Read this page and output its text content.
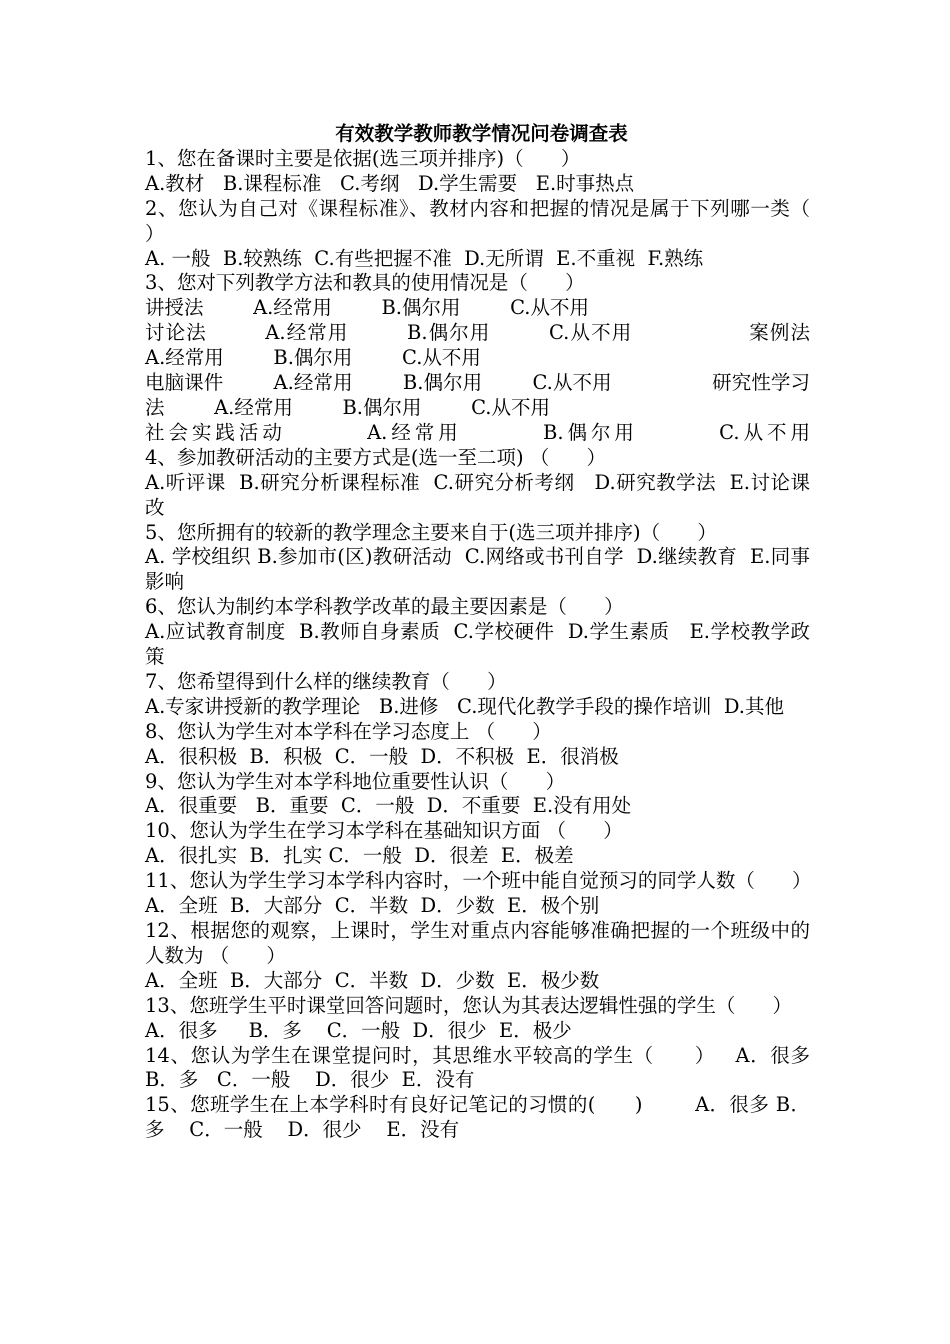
有效教学教师教学情况问卷调查表

1、您在备课时主要是依据(选三项并排序)（      ）

A.教材   B.课程标准   C.考纲   D.学生需要   E.时事热点

2、您认为自己对《课程标准》、教材内容和把握的情况是属于下列哪一类（      ）

A. 一般  B.较熟练  C.有些把握不准  D.无所谓  E.不重视  F.熟练

3、您对下列教学方法和教具的使用情况是（      ）

讲授法        A.经常用        B.偶尔用        C.从不用

讨论法        A.经常用        B.偶尔用        C.从不用                案例法        A.经常用        B.偶尔用        C.从不用

电脑课件        A.经常用        B.偶尔用        C.从不用                研究性学习法        A.经常用        B.偶尔用        C.从不用

社会实践活动        A.经常用        B.偶尔用        C.从不用                      4、参加教研活动的主要方式是(选一至二项) （      ）

A.听评课  B.研究分析课程标准  C.研究分析考纲   D.研究教学法  E.讨论课改

5、您所拥有的较新的教学理念主要来自于(选三项并排序)（      ）

A. 学校组织 B.参加市(区)教研活动  C.网络或书刊自学  D.继续教育  E.同事影响

6、您认为制约本学科教学改革的最主要因素是（      ）

A.应试教育制度  B.教师自身素质  C.学校硬件  D.学生素质   E.学校教学政策

7、您希望得到什么样的继续教育（      ）

A.专家讲授新的教学理论   B.进修   C.现代化教学手段的操作培训  D.其他

8、您认为学生对本学科在学习态度上 （      ）

A．很积极  B．积极  C．一般  D．不积极  E．很消极

9、您认为学生对本学科地位重要性认识（      ）

A．很重要   B．重要  C．一般  D．不重要  E.没有用处

10、您认为学生在学习本学科在基础知识方面 （      ）

A．很扎实  B．扎实 C．一般  D．很差  E．极差

11、您认为学生学习本学科内容时，一个班中能自觉预习的同学人数（      ）

A．全班  B．大部分  C．半数  D．少数  E．极个别

12、根据您的观察，上课时，学生对重点内容能够准确把握的一个班级中的人数为 （      ）

A．全班  B．大部分  C．半数  D．少数  E．极少数

13、您班学生平时课堂回答问题时，您认为其表达逻辑性强的学生（      ）

A．很多     B．多    C．一般  D．很少  E．极少

14、您认为学生在课堂提问时，其思维水平较高的学生（      ）   A．很多     B．多   C．一般    D．很少  E．没有

15、您班学生在上本学科时有良好记笔记的习惯的(      )        A．很多 B．多    C．一般    D．很少    E．没有
